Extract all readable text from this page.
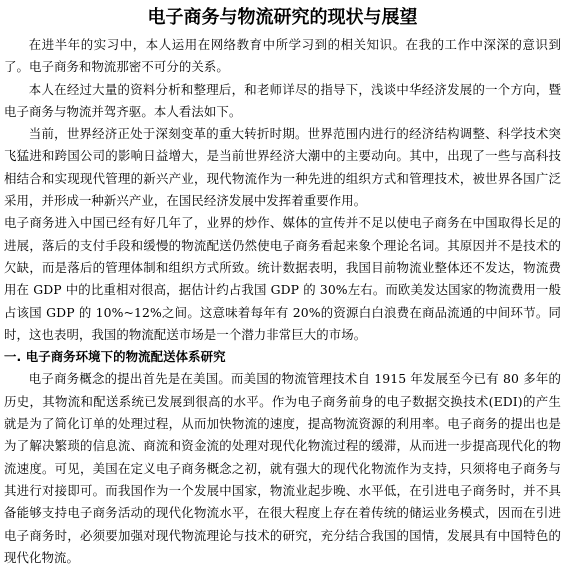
电子商务与物流研究的现状与展望

在进半年的实习中，本人运用在网络教育中所学习到的相关知识。在我的工作中深深的意识到了。电子商务和物流那密不可分的关系。

本人在经过大量的资料分析和整理后，和老师详尽的指导下，浅谈中华经济发展的一个方向，暨电子商务与物流并驾齐驱。本人看法如下。

当前，世界经济正处于深刻变革的重大转折时期。世界范围内进行的经济结构调整、科学技术突飞猛进和跨国公司的影响日益增大，是当前世界经济大潮中的主要动向。其中，出现了一些与高科技相结合和实现现代管理的新兴产业，现代物流作为一种先进的组织方式和管理技术，被世界各国广泛采用，并形成一种新兴产业，在国民经济发展中发挥着重要作用。

电子商务进入中国已经有好几年了，业界的炒作、媒体的宣传并不足以使电子商务在中国取得长足的进展，落后的支付手段和缓慢的物流配送仍然使电子商务看起来象个理论名词。其原因并不是技术的欠缺，而是落后的管理体制和组织方式所致。统计数据表明，我国目前物流业整体还不发达，物流费用在 GDP 中的比重相对很高，据估计约占我国 GDP 的 30%左右。而欧美发达国家的物流费用一般占该国 GDP 的 10%~12%之间。这意味着每年有 20%的资源白白浪费在商品流通的中间环节。同时，这也表明，我国的物流配送市场是一个潜力非常巨大的市场。

一. 电子商务环境下的物流配送体系研究

电子商务概念的提出首先是在美国。而美国的物流管理技术自 1915 年发展至今已有 80 多年的历史，其物流和配送系统已发展到很高的水平。作为电子商务前身的电子数据交换技术(EDI)的产生就是为了简化订单的处理过程，从而加快物流的速度，提高物流资源的利用率。电子商务的提出也是为了解决繁琐的信息流、商流和资金流的处理对现代化物流过程的缓滞，从而进一步提高现代化的物流速度。可见，美国在定义电子商务概念之初，就有强大的现代化物流作为支持，只须将电子商务与其进行对接即可。而我国作为一个发展中国家，物流业起步晚、水平低，在引进电子商务时，并不具备能够支持电子商务活动的现代化物流水平，在很大程度上存在着传统的储运业务模式，因而在引进电子商务时，必须要加强对现代物流理论与技术的研究，充分结合我国的国情，发展具有中国特色的现代化物流。
